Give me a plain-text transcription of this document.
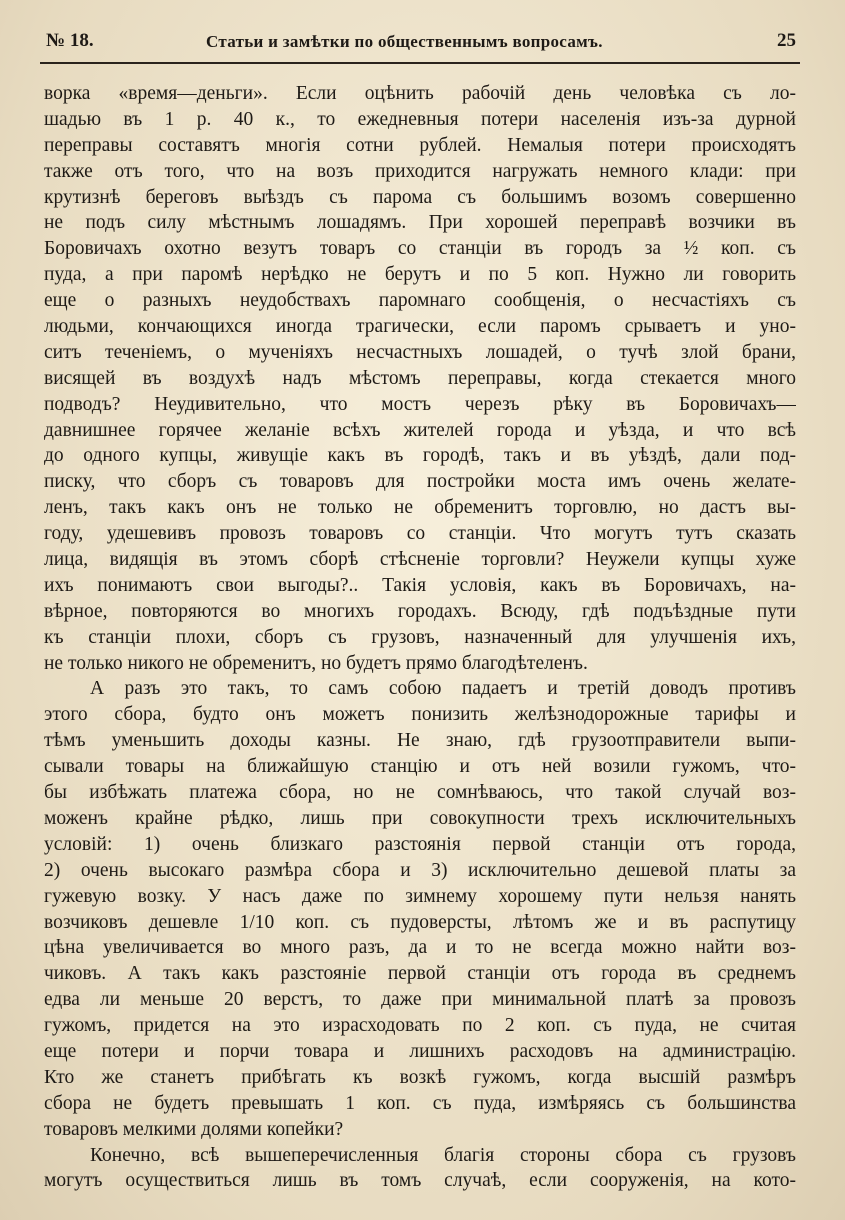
№ 18.	Статьи и замѣтки по общественнымъ вопросамъ.	25
ворка «время—деньги». Если оцѣнить рабочій день человѣка съ ло-
шадью въ 1 р. 40 к., то ежедневныя потери населенія изъ-за дурной
переправы составятъ многія сотни рублей. Немалыя потери происходятъ
также отъ того, что на возъ приходится нагружать немного клади: при
крутизнѣ береговъ выѣздъ съ парома съ большимъ возомъ совершенно
не подъ силу мѣстнымъ лошадямъ. При хорошей переправѣ возчики въ
Боровичахъ охотно везутъ товаръ со станціи въ городъ за ½ коп. съ
пуда, а при паромѣ нерѣдко не берутъ и по 5 коп. Нужно ли говорить
еще о разныхъ неудобствахъ паромнаго сообщенія, о несчастіяхъ съ
людьми, кончающихся иногда трагически, если паромъ срываетъ и уно-
ситъ теченіемъ, о мученіяхъ несчастныхъ лошадей, о тучѣ злой брани,
висящей въ воздухѣ надъ мѣстомъ переправы, когда стекается много
подводъ? Неудивительно, что мостъ черезъ рѣку въ Боровичахъ—
давнишнее горячее желаніе всѣхъ жителей города и уѣзда, и что всѣ
до одного купцы, живущіе какъ въ городѣ, такъ и въ уѣздѣ, дали под-
писку, что сборъ съ товаровъ для постройки моста имъ очень желате-
ленъ, такъ какъ онъ не только не обременитъ торговлю, но дастъ вы-
году, удешевивъ провозъ товаровъ со станціи. Что могутъ тутъ сказать
лица, видящія въ этомъ сборѣ стѣсненіе торговли? Неужели купцы хуже
ихъ понимаютъ свои выгоды?.. Такія условія, какъ въ Боровичахъ, на-
вѣрное, повторяются во многихъ городахъ. Всюду, гдѣ подъѣздные пути
къ станціи плохи, сборъ съ грузовъ, назначенный для улучшенія ихъ,
не только никого не обременитъ, но будетъ прямо благодѣтеленъ.
А разъ это такъ, то самъ собою падаетъ и третій доводъ противъ
этого сбора, будто онъ можетъ понизить желѣзнодорожные тарифы и
тѣмъ уменьшить доходы казны. Не знаю, гдѣ грузоотправители выпи-
сывали товары на ближайшую станцію и отъ ней возили гужомъ, что-
бы избѣжать платежа сбора, но не сомнѣваюсь, что такой случай воз-
моженъ крайне рѣдко, лишь при совокупности трехъ исключительныхъ
условій: 1) очень близкаго разстоянія первой станціи отъ города,
2) очень высокаго размѣра сбора и 3) исключительно дешевой платы за
гужевую возку. У насъ даже по зимнему хорошему пути нельзя нанять
возчиковъ дешевле 1/10 коп. съ пудоверсты, лѣтомъ же и въ распутицу
цѣна увеличивается во много разъ, да и то не всегда можно найти воз-
чиковъ. А такъ какъ разстояніе первой станціи отъ города въ среднемъ
едва ли меньше 20 верстъ, то даже при минимальной платѣ за провозъ
гужомъ, придется на это израсходовать по 2 коп. съ пуда, не считая
еще потери и порчи товара и лишнихъ расходовъ на администрацію.
Кто же станетъ прибѣгать къ возкѣ гужомъ, когда высшій размѣръ
сбора не будетъ превышать 1 коп. съ пуда, измѣряясь съ большинства
товаровъ мелкими долями копейки?
Конечно, всѣ вышеперечисленныя благія стороны сбора съ грузовъ
могутъ осуществиться лишь въ томъ случаѣ, если сооруженія, на кото-
